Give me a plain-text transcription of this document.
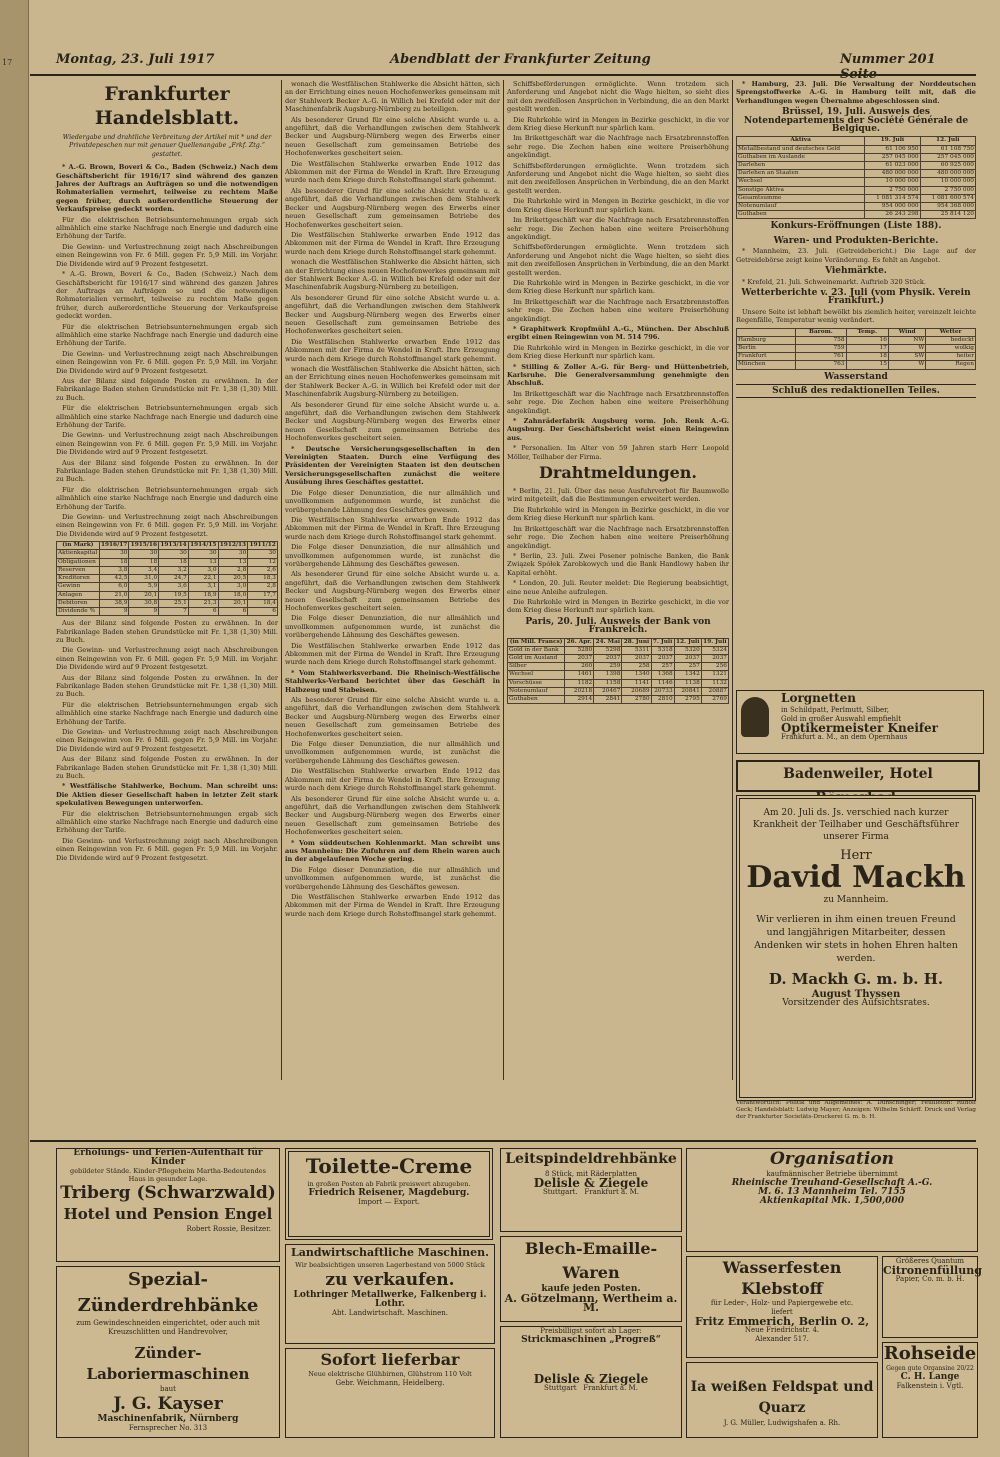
17	Montag, 23. Juli 1917	Abendblatt der Frankfurter Zeitung	Nummer 201 Seite
Frankfurter Handelsblatt.
Wiedergabe und drahtliche Verbreitung der Artikel mit * und der Privatdepeschen nur mit genauer Quellenangabe „Frkf. Ztg.“ gestattet.

* A.-G. Brown, Boveri & Co., Baden (Schweiz.) Nach dem Geschäftsbericht für 1916/17 sind während des ganzen Jahres der Auftrags an Aufträgen so und die notwendigen Rohmaterialien vermehrt, teilweise zu rechtem Maße gegen früher, durch außerordentliche Steuerung der Verkaufspreise gedeckt worden.

Für die elektrischen Betriebsunternehmungen ergab sich allmählich eine starke Nachfrage nach Energie und dadurch eine Erhöhung der Tarife.

Die Gewinn- und Verlustrechnung zeigt nach Abschreibungen einen Reingewinn von Fr. 6 Mill. gegen Fr. 5,9 Mill. im Vorjahr. Die Dividende wird auf 9 Prozent festgesetzt.

* A.-G. Brown, Boveri & Co., Baden (Schweiz.) Nach dem Geschäftsbericht für 1916/17 sind während des ganzen Jahres der Auftrags an Aufträgen so und die notwendigen Rohmaterialien vermehrt, teilweise zu rechtem Maße gegen früher, durch außerordentliche Steuerung der Verkaufspreise gedeckt worden.

Für die elektrischen Betriebsunternehmungen ergab sich allmählich eine starke Nachfrage nach Energie und dadurch eine Erhöhung der Tarife.

Die Gewinn- und Verlustrechnung zeigt nach Abschreibungen einen Reingewinn von Fr. 6 Mill. gegen Fr. 5,9 Mill. im Vorjahr. Die Dividende wird auf 9 Prozent festgesetzt.

Aus der Bilanz sind folgende Posten zu erwähnen. In der Fabrikanlage Baden stehen Grundstücke mit Fr. 1,38 (1,30) Mill. zu Buch.

Für die elektrischen Betriebsunternehmungen ergab sich allmählich eine starke Nachfrage nach Energie und dadurch eine Erhöhung der Tarife.

Die Gewinn- und Verlustrechnung zeigt nach Abschreibungen einen Reingewinn von Fr. 6 Mill. gegen Fr. 5,9 Mill. im Vorjahr. Die Dividende wird auf 9 Prozent festgesetzt.

Aus der Bilanz sind folgende Posten zu erwähnen. In der Fabrikanlage Baden stehen Grundstücke mit Fr. 1,38 (1,30) Mill. zu Buch.

Für die elektrischen Betriebsunternehmungen ergab sich allmählich eine starke Nachfrage nach Energie und dadurch eine Erhöhung der Tarife.

Die Gewinn- und Verlustrechnung zeigt nach Abschreibungen einen Reingewinn von Fr. 6 Mill. gegen Fr. 5,9 Mill. im Vorjahr. Die Dividende wird auf 9 Prozent festgesetzt.

(in Mark)	1916/17	1915/16	1913/14	1914/15	1912/13	1911/12
Aktienkapital	30	30	30	30	30	30
Obligationen	18	18	18	13	13	12
Reserven	3,8	3,4	3,2	3,0	2,8	2,6
Kreditoren	42,5	31,0	24,7	22,1	20,5	18,3
Gewinn	6,0	5,9	3,6	3,1	3,0	2,8
Anlagen	21,0	20,1	19,5	18,9	18,0	17,7
Debitoren	38,9	30,8	25,1	21,3	20,1	18,4
Dividende %	9	9	7	6	6	6

Aus der Bilanz sind folgende Posten zu erwähnen. In der Fabrikanlage Baden stehen Grundstücke mit Fr. 1,38 (1,30) Mill. zu Buch.

Die Gewinn- und Verlustrechnung zeigt nach Abschreibungen einen Reingewinn von Fr. 6 Mill. gegen Fr. 5,9 Mill. im Vorjahr. Die Dividende wird auf 9 Prozent festgesetzt.

Aus der Bilanz sind folgende Posten zu erwähnen. In der Fabrikanlage Baden stehen Grundstücke mit Fr. 1,38 (1,30) Mill. zu Buch.

Für die elektrischen Betriebsunternehmungen ergab sich allmählich eine starke Nachfrage nach Energie und dadurch eine Erhöhung der Tarife.

Die Gewinn- und Verlustrechnung zeigt nach Abschreibungen einen Reingewinn von Fr. 6 Mill. gegen Fr. 5,9 Mill. im Vorjahr. Die Dividende wird auf 9 Prozent festgesetzt.

Aus der Bilanz sind folgende Posten zu erwähnen. In der Fabrikanlage Baden stehen Grundstücke mit Fr. 1,38 (1,30) Mill. zu Buch.

* Westfälische Stahlwerke, Bochum. Man schreibt uns: Die Aktien dieser Gesellschaft haben in letzter Zeit stark spekulativen Bewegungen unterworfen.

Für die elektrischen Betriebsunternehmungen ergab sich allmählich eine starke Nachfrage nach Energie und dadurch eine Erhöhung der Tarife.

Die Gewinn- und Verlustrechnung zeigt nach Abschreibungen einen Reingewinn von Fr. 6 Mill. gegen Fr. 5,9 Mill. im Vorjahr. Die Dividende wird auf 9 Prozent festgesetzt.

wonach die Westfälischen Stahlwerke die Absicht hätten, sich an der Errichtung eines neuen Hochofenwerkes gemeinsam mit der Stahlwerk Becker A.-G. in Willich bei Krefeld oder mit der Maschinenfabrik Augsburg-Nürnberg zu beteiligen.

Als besonderer Grund für eine solche Absicht wurde u. a. angeführt, daß die Verhandlungen zwischen dem Stahlwerk Becker und Augsburg-Nürnberg wegen des Erwerbs einer neuen Gesellschaft zum gemeinsamen Betriebe des Hochofenwerkes gescheitert seien.

Die Westfälischen Stahlwerke erwarben Ende 1912 das Abkommen mit der Firma de Wendel in Kraft. Ihre Erzeugung wurde nach dem Kriege durch Rohstoffmangel stark gehemmt.

Als besonderer Grund für eine solche Absicht wurde u. a. angeführt, daß die Verhandlungen zwischen dem Stahlwerk Becker und Augsburg-Nürnberg wegen des Erwerbs einer neuen Gesellschaft zum gemeinsamen Betriebe des Hochofenwerkes gescheitert seien.

Die Westfälischen Stahlwerke erwarben Ende 1912 das Abkommen mit der Firma de Wendel in Kraft. Ihre Erzeugung wurde nach dem Kriege durch Rohstoffmangel stark gehemmt.

wonach die Westfälischen Stahlwerke die Absicht hätten, sich an der Errichtung eines neuen Hochofenwerkes gemeinsam mit der Stahlwerk Becker A.-G. in Willich bei Krefeld oder mit der Maschinenfabrik Augsburg-Nürnberg zu beteiligen.

Als besonderer Grund für eine solche Absicht wurde u. a. angeführt, daß die Verhandlungen zwischen dem Stahlwerk Becker und Augsburg-Nürnberg wegen des Erwerbs einer neuen Gesellschaft zum gemeinsamen Betriebe des Hochofenwerkes gescheitert seien.

Die Westfälischen Stahlwerke erwarben Ende 1912 das Abkommen mit der Firma de Wendel in Kraft. Ihre Erzeugung wurde nach dem Kriege durch Rohstoffmangel stark gehemmt.

wonach die Westfälischen Stahlwerke die Absicht hätten, sich an der Errichtung eines neuen Hochofenwerkes gemeinsam mit der Stahlwerk Becker A.-G. in Willich bei Krefeld oder mit der Maschinenfabrik Augsburg-Nürnberg zu beteiligen.

Als besonderer Grund für eine solche Absicht wurde u. a. angeführt, daß die Verhandlungen zwischen dem Stahlwerk Becker und Augsburg-Nürnberg wegen des Erwerbs einer neuen Gesellschaft zum gemeinsamen Betriebe des Hochofenwerkes gescheitert seien.

* Deutsche Versicherungsgesellschaften in den Vereinigten Staaten. Durch eine Verfügung des Präsidenten der Vereinigten Staaten ist den deutschen Versicherungsgesellschaften zunächst die weitere Ausübung ihres Geschäftes gestattet.

Die Folge dieser Denunziation, die nur allmählich und unvollkommen aufgenommen wurde, ist zunächst die vorübergehende Lähmung des Geschäftes gewesen.

Die Westfälischen Stahlwerke erwarben Ende 1912 das Abkommen mit der Firma de Wendel in Kraft. Ihre Erzeugung wurde nach dem Kriege durch Rohstoffmangel stark gehemmt.

Die Folge dieser Denunziation, die nur allmählich und unvollkommen aufgenommen wurde, ist zunächst die vorübergehende Lähmung des Geschäftes gewesen.

Als besonderer Grund für eine solche Absicht wurde u. a. angeführt, daß die Verhandlungen zwischen dem Stahlwerk Becker und Augsburg-Nürnberg wegen des Erwerbs einer neuen Gesellschaft zum gemeinsamen Betriebe des Hochofenwerkes gescheitert seien.

Die Folge dieser Denunziation, die nur allmählich und unvollkommen aufgenommen wurde, ist zunächst die vorübergehende Lähmung des Geschäftes gewesen.

Die Westfälischen Stahlwerke erwarben Ende 1912 das Abkommen mit der Firma de Wendel in Kraft. Ihre Erzeugung wurde nach dem Kriege durch Rohstoffmangel stark gehemmt.

* Vom Stahlwerksverband. Die Rheinisch-Westfälische Stahlwerks-Verband berichtet über das Geschäft in Halbzeug und Stabeisen.

Als besonderer Grund für eine solche Absicht wurde u. a. angeführt, daß die Verhandlungen zwischen dem Stahlwerk Becker und Augsburg-Nürnberg wegen des Erwerbs einer neuen Gesellschaft zum gemeinsamen Betriebe des Hochofenwerkes gescheitert seien.

Die Folge dieser Denunziation, die nur allmählich und unvollkommen aufgenommen wurde, ist zunächst die vorübergehende Lähmung des Geschäftes gewesen.

Die Westfälischen Stahlwerke erwarben Ende 1912 das Abkommen mit der Firma de Wendel in Kraft. Ihre Erzeugung wurde nach dem Kriege durch Rohstoffmangel stark gehemmt.

Als besonderer Grund für eine solche Absicht wurde u. a. angeführt, daß die Verhandlungen zwischen dem Stahlwerk Becker und Augsburg-Nürnberg wegen des Erwerbs einer neuen Gesellschaft zum gemeinsamen Betriebe des Hochofenwerkes gescheitert seien.

* Vom süddeutschen Kohlenmarkt. Man schreibt uns aus Mannheim: Die Zufuhren auf dem Rhein waren auch in der abgelaufenen Woche gering.

Die Folge dieser Denunziation, die nur allmählich und unvollkommen aufgenommen wurde, ist zunächst die vorübergehende Lähmung des Geschäftes gewesen.

Die Westfälischen Stahlwerke erwarben Ende 1912 das Abkommen mit der Firma de Wendel in Kraft. Ihre Erzeugung wurde nach dem Kriege durch Rohstoffmangel stark gehemmt.

Schiffsbeförderungen ermöglichte. Wenn trotzdem sich Anforderung und Angebot nicht die Wage hielten, so sieht dies mit den zweifellosen Ansprüchen in Verbindung, die an den Markt gestellt werden.

Die Ruhrkohle wird in Mengen in Bezirke geschickt, in die vor dem Krieg diese Herkunft nur spärlich kam.

Im Brikettgeschäft war die Nachfrage nach Ersatzbrennstoffen sehr rege. Die Zechen haben eine weitere Preiserhöhung angekündigt.

Schiffsbeförderungen ermöglichte. Wenn trotzdem sich Anforderung und Angebot nicht die Wage hielten, so sieht dies mit den zweifellosen Ansprüchen in Verbindung, die an den Markt gestellt werden.

Die Ruhrkohle wird in Mengen in Bezirke geschickt, in die vor dem Krieg diese Herkunft nur spärlich kam.

Im Brikettgeschäft war die Nachfrage nach Ersatzbrennstoffen sehr rege. Die Zechen haben eine weitere Preiserhöhung angekündigt.

Schiffsbeförderungen ermöglichte. Wenn trotzdem sich Anforderung und Angebot nicht die Wage hielten, so sieht dies mit den zweifellosen Ansprüchen in Verbindung, die an den Markt gestellt werden.

Die Ruhrkohle wird in Mengen in Bezirke geschickt, in die vor dem Krieg diese Herkunft nur spärlich kam.

Im Brikettgeschäft war die Nachfrage nach Ersatzbrennstoffen sehr rege. Die Zechen haben eine weitere Preiserhöhung angekündigt.

* Graphitwerk Kropfmühl A.-G., München. Der Abschluß ergibt einen Reingewinn von M. 514 796.

Die Ruhrkohle wird in Mengen in Bezirke geschickt, in die vor dem Krieg diese Herkunft nur spärlich kam.

* Stilling & Zoller A.-G. für Berg- und Hüttenbetrieb, Karlsruhe. Die Generalversammlung genehmigte den Abschluß.

Im Brikettgeschäft war die Nachfrage nach Ersatzbrennstoffen sehr rege. Die Zechen haben eine weitere Preiserhöhung angekündigt.

* Zahnräderfabrik Augsburg vorm. Joh. Renk A.-G. Augsburg. Der Geschäftsbericht weist einen Reingewinn aus.

* Personalien. Im Alter von 59 Jahren starb Herr Leopold Möller, Teilhaber der Firma.

Drahtmeldungen.

* Berlin, 21. Juli. Über das neue Ausfuhrverbot für Baumwolle wird mitgeteilt, daß die Bestimmungen erweitert werden.

Die Ruhrkohle wird in Mengen in Bezirke geschickt, in die vor dem Krieg diese Herkunft nur spärlich kam.

Im Brikettgeschäft war die Nachfrage nach Ersatzbrennstoffen sehr rege. Die Zechen haben eine weitere Preiserhöhung angekündigt.

* Berlin, 23. Juli. Zwei Posener polnische Banken, die Bank Związek Spółek Zarobkowych und die Bank Handlowy haben ihr Kapital erhöht.

* London, 20. Juli. Reuter meldet: Die Regierung beabsichtigt, eine neue Anleihe aufzulegen.

Die Ruhrkohle wird in Mengen in Bezirke geschickt, in die vor dem Krieg diese Herkunft nur spärlich kam.

Paris, 20. Juli. Ausweis der Bank von Frankreich.
(in Mill. Francs)	26. Apr.	24. Mai	28. Juni	7. Juli	12. Juli	19. Juli
Gold in der Bank	5280	5298	5311	5318	5320	5324
Gold im Ausland	2037	2037	2037	2037	2037	2037
Silber	260	259	258	257	257	256
Wechsel	1461	1398	1340	1368	1342	1321
Vorschüsse	1182	1158	1141	1146	1138	1132
Notenumlauf	20218	20467	20689	20733	20841	20887
Guthaben	2914	2841	2780	2810	2795	2769

* Hamburg, 23. Juli. Die Verwaltung der Norddeutschen Sprengstoffwerke A.-G. in Hamburg teilt mit, daß die Verhandlungen wegen Übernahme abgeschlossen sind.

Brüssel, 19. Juli. Ausweis des Notendepartements der Société Générale de Belgique.
Aktiva	19. Juli	12. Juli
Metallbestand und deutsches Geld	61 106 950	61 108 750
Guthaben im Auslande	257 045 000	257 045 000
Darlehen	61 023 000	60 925 000
Darlehen an Staaten	480 000 000	480 000 000
Wechsel	10 000 000	10 000 000
Sonstige Aktiva	2 750 000	2 750 000
Gesamtsumme	1 081 314 574	1 081 600 574
Notenumlauf	954 000 000	954 368 000
Guthaben	26 243 298	25 814 120
Konkurs-Eröffnungen (Liste 188).
Waren- und Produkten-Berichte.

* Mannheim, 23. Juli. (Getreidebericht.) Die Lage auf der Getreidebörse zeigt keine Veränderung. Es fehlt an Angebot.

Viehmärkte.

* Krefeld, 21. Juli. Schweinemarkt. Auftrieb 320 Stück.

Wetterberichte v. 23. Juli (vom Physik. Verein Frankfurt.)

Unsere Seite ist lebhaft bewölkt bis ziemlich heiter, vereinzelt leichte Regenfälle, Temperatur wenig verändert.

	Barom.	Temp.	Wind	Wetter
Hamburg	758	16	NW	bedeckt
Berlin	759	17	W	wolkig
Frankfurt	761	18	SW	heiter
München	763	15	W	Regen
Wasserstand
Schluß des redaktionellen Teiles.
Lorgnetten
in Schildpatt, Perlmutt, Silber,
Gold in großer Auswahl empfiehlt
Optikermeister Kneifer
Frankfurt a. M., an dem Opernhaus
Badenweiler, Hotel
Am 20. Juli ds. Js. verschied nach kurzer Krankheit der Teilhaber und Geschäftsführer unserer Firma
Herr
David Mackh
zu Mannheim.
Wir verlieren in ihm einen treuen Freund und langjährigen Mitarbeiter, dessen Andenken wir stets in hohen Ehren halten werden.
D. Mackh G. m. b. H.
August Thyssen
Vorsitzender des Aufsichtsrates.
Verantwortlich: Politik und Allgemeines: A. Dünschinger; Feuilleton: Rudolf Geck; Handelsblatt: Ludwig Mayer; Anzeigen: Wilhelm Schärff. Druck und Verlag der Frankfurter Societäts-Druckerei G. m. b. H.
Erholungs- und Ferien-Aufenthalt für Kinder
gebildeter Stände. Kinder-Pflegeheim Martha-Bedeutendes Haus in gesunder Lage.
Triberg (Schwarzwald)
Hotel und Pension Engel
Robert Rossie, Besitzer.
Spezial-Zünderdrehbänke
zum Gewindeschneiden eingerichtet, oder auch mit Kreuzschlitten und Handrevolver,
Zünder-Laboriermaschinen
baut
J. G. Kayser
Maschinenfabrik, Nürnberg
Fernsprecher No. 313
Toilette-Creme
in großen Posten ab Fabrik preiswert abzugeben.
Friedrich Reisener, Magdeburg.
Import — Export.
Landwirtschaftliche Maschinen.
Wir beabsichtigen unseren Lagerbestand von 5000 Stück
zu verkaufen.
Lothringer Metallwerke, Falkenberg i. Lothr.
Abt. Landwirtschaft. Maschinen.
Sofort lieferbar
Neue elektrische Glühbirnen, Glühstrom 110 Volt
Gebr. Weichmann, Heidelberg.
Leitspindeldrehbänke
8 Stück, mit Räderplatten
Delisle & Ziegele
Stuttgart. Frankfurt a. M.
Blech-Emaille-Waren
kaufe jeden Posten.
A. Götzelmann, Wertheim a. M.
Preisbilligst sofort ab Lager:
Strickmaschinen „Progreß“
Delisle & Ziegele
Stuttgart Frankfurt a. M.
Organisation
kaufmännischer Betriebe übernimmt
Rheinische Treuhand-Gesellschaft A.-G.
M. 6. 13 Mannheim Tel. 7155
Aktienkapital Mk. 1,500,000
Wasserfesten Klebstoff
für Leder-, Holz- und Papiergewebe etc.
liefert
Fritz Emmerich, Berlin O. 2,
Neue Friedrichstr. 4.
Alexander 517.
Ia weißen Feldspat und Quarz
J. G. Müller, Ludwigshafen a. Rh.
Größeres Quantum
Citronenfüllung
Papier, Co. m. b. H.
Rohseide
Gegen gute Organsine 20/22
C. H. Lange
Falkenstein i. Vgtl.
